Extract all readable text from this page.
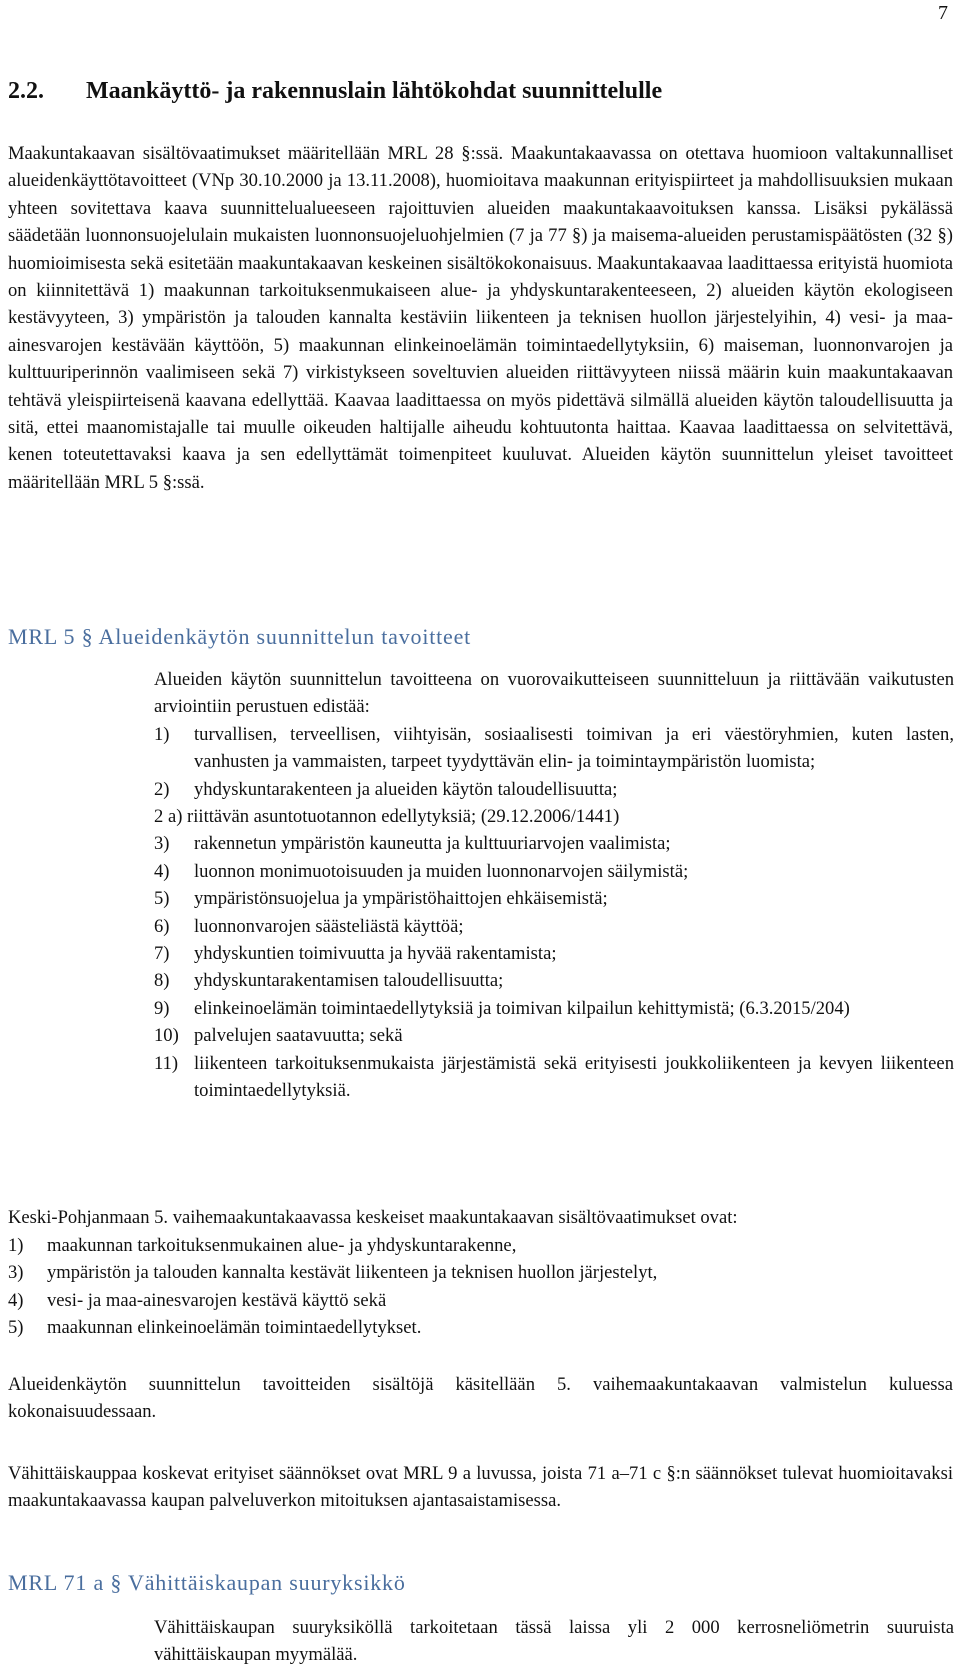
7
2.2. Maankäyttö- ja rakennuslain lähtökohdat suunnittelulle

Maakuntakaavan sisältövaatimukset määritellään MRL 28 §:ssä. Maakuntakaavassa on otettava huomioon valtakunnalliset alueidenkäyttötavoitteet (VNp 30.10.2000 ja 13.11.2008), huomioitava maakunnan erityispiirteet ja mahdollisuuksien mukaan yhteen sovitettava kaava suunnittelualueeseen rajoittuvien alueiden maakuntakaavoituksen kanssa. Lisäksi pykälässä säädetään luonnonsuojelulain mukaisten luonnonsuojeluohjelmien (7 ja 77 §) ja maisema-alueiden perustamispäätösten (32 §) huomioimisesta sekä esitetään maakuntakaavan keskeinen sisältökokonaisuus. Maakuntakaavaa laadittaessa erityistä huomiota on kiinnitettävä 1) maakunnan tarkoituksenmukaiseen alue- ja yhdyskuntarakenteeseen, 2) alueiden käytön ekologiseen kestävyyteen, 3) ympäristön ja talouden kannalta kestäviin liikenteen ja teknisen huollon järjestelyihin, 4) vesi- ja maa-ainesvarojen kestävään käyttöön, 5) maakunnan elinkeinoelämän toimintaedellytyksiin, 6) maiseman, luonnonvarojen ja kulttuuriperinnön vaalimiseen sekä 7) virkistykseen soveltuvien alueiden riittävyyteen niissä määrin kuin maakuntakaavan tehtävä yleispiirteisenä kaavana edellyttää. Kaavaa laadittaessa on myös pidettävä silmällä alueiden käytön taloudellisuutta ja sitä, ettei maanomistajalle tai muulle oikeuden haltijalle aiheudu kohtuutonta haittaa. Kaavaa laadittaessa on selvitettävä, kenen toteutettavaksi kaava ja sen edellyttämät toimenpiteet kuuluvat. Alueiden käytön suunnittelun yleiset tavoitteet määritellään MRL 5 §:ssä.

MRL 5 § Alueidenkäytön suunnittelun tavoitteet

Alueiden käytön suunnittelun tavoitteena on vuorovaikutteiseen suunnitteluun ja riittävään vaikutusten arviointiin perustuen edistää:

1)	turvallisen, terveellisen, viihtyisän, sosiaalisesti toimivan ja eri väestöryhmien, kuten lasten, vanhusten ja vammaisten, tarpeet tyydyttävän elin- ja toimintaympäristön luomista;
2)	yhdyskuntarakenteen ja alueiden käytön taloudellisuutta;
2 a)
riittävän asuntotuotannon edellytyksiä; (29.12.2006/1441)
3)	rakennetun ympäristön kauneutta ja kulttuuriarvojen vaalimista;
4)	luonnon monimuotoisuuden ja muiden luonnonarvojen säilymistä;
5)	ympäristönsuojelua ja ympäristöhaittojen ehkäisemistä;
6)	luonnonvarojen säästeliästä käyttöä;
7)	yhdyskuntien toimivuutta ja hyvää rakentamista;
8)	yhdyskuntarakentamisen taloudellisuutta;
9)	elinkeinoelämän toimintaedellytyksiä ja toimivan kilpailun kehittymistä; (6.3.2015/204)
10) palvelujen saatavuutta; sekä
11) liikenteen tarkoituksenmukaista järjestämistä sekä erityisesti joukkoliikenteen ja kevyen liikenteen toimintaedellytyksiä.

Keski-Pohjanmaan 5. vaihemaakuntakaavassa keskeiset maakuntakaavan sisältövaatimukset ovat:

1)	maakunnan tarkoituksenmukainen alue- ja yhdyskuntarakenne,
3)	ympäristön ja talouden kannalta kestävät liikenteen ja teknisen huollon järjestelyt,
4)	vesi- ja maa-ainesvarojen kestävä käyttö sekä
5)	maakunnan elinkeinoelämän toimintaedellytykset.

Alueidenkäytön suunnittelun tavoitteiden sisältöjä käsitellään 5. vaihemaakuntakaavan valmistelun kuluessa kokonaisuudessaan.

Vähittäiskauppaa koskevat erityiset säännökset ovat MRL 9 a luvussa, joista 71 a–71 c §:n säännökset tulevat huomioitavaksi maakuntakaavassa kaupan palveluverkon mitoituksen ajantasaistamisessa.

MRL 71 a § Vähittäiskaupan suuryksikkö

Vähittäiskaupan suuryksiköllä tarkoitetaan tässä laissa yli 2 000 kerrosneliömetrin suuruista vähittäiskaupan myymälää.
